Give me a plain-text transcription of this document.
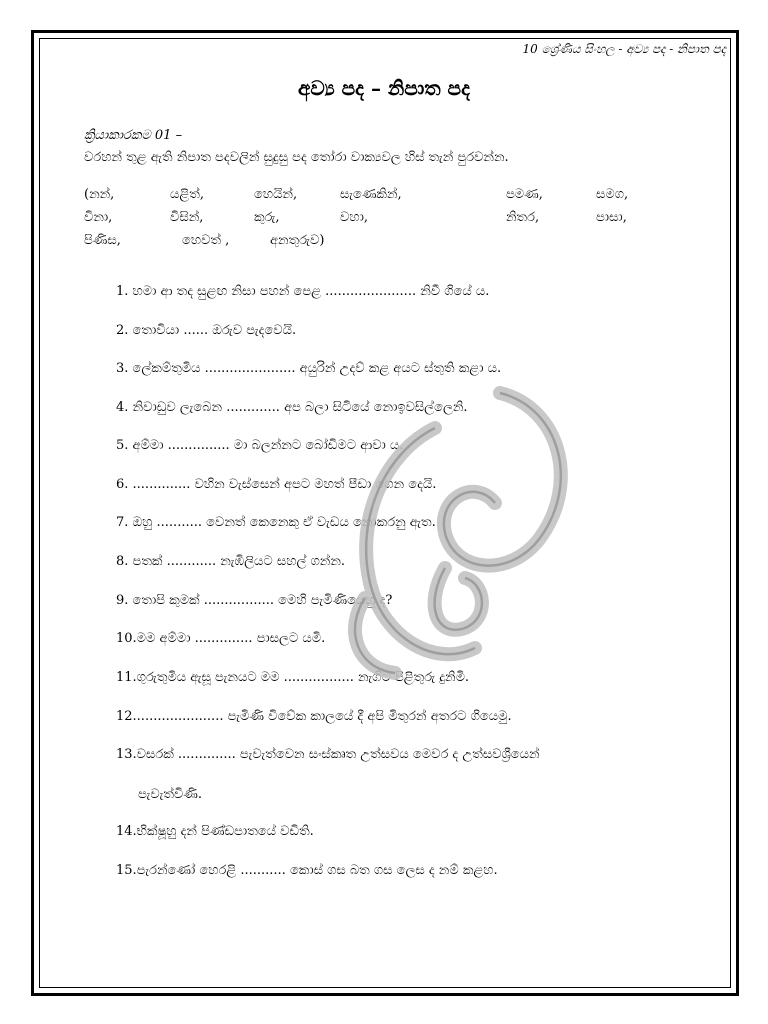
10 ශ්‍රේණිය සිංහල - අව්‍ය පද - නිපාත පද
අව්‍ය පද – නිපාත පද
ක්‍රියාකාරකම 01 –
වරහන් තුළ ඇති නිපාත පදවලින් සුදුසු පද තෝරා වාක්‍යවල හිස් තැන් පුරවන්න.
(නන්,	යළිත්,	හෙයින්,	සැණෙකින්,	පමණ,	සමග,
විනා,	විසින්,	කුරු,	වහා,	නිතර,	පාසා,
පිණිස,	හෙවත් ,	අනතුරුව)
1. හමා ආ තද සුළඟ නිසා පහන් පෙළ ...................... නිවී ගියේ ය.
2. තොවියා ...... ඔරුව පැදවෙයි.
3. ලේකම්තුමිය ...................... අයුරින් උදව් කළ අයට ස්තුති කළා ය.
4. නිවාඩුව ලැබෙන ............. අප බලා සිටියේ නොඉවසිල්ලෙනි.
5. අම්මා ............... මා බලන්නට බෝඩිමට ආවා ය.
6. .............. වහින වැස්සෙන් අපට මහත් පීඩා ගෙන දෙයි.
7. ඔහු ........... වෙනත් කෙනෙකු ඒ වැඩය නොකරනු ඇත.
8. පතක් ............ නැඹිලියට සහල් ගන්න.
9. තොපි කුමක් ................. මෙහි පැමිණියෙහු ද?
10.මම අම්මා .............. පාසලට යමි.
11.ගුරුතුමිය ඇසූ පැනයට මම ................. නැගිට පිළිතුරු දුනිමි.
12...................... පැමිණි විවේක කාලයේ දී අපි මිතුරන් අතරට ගියෙමු.
13.වසරක් .............. පැවැත්වෙන සංස්කෘත උත්සවය මෙවර ද උත්සවශ්‍රීයෙන්
පැවැත්විණි.
14.භික්ෂූහු දන් පිණ්ඩපාතයේ වඩිති.
15.පැරන්ණෝ හෙරළි ........... කොස් ගස බත ගස ලෙස ද නම් කළහ.
